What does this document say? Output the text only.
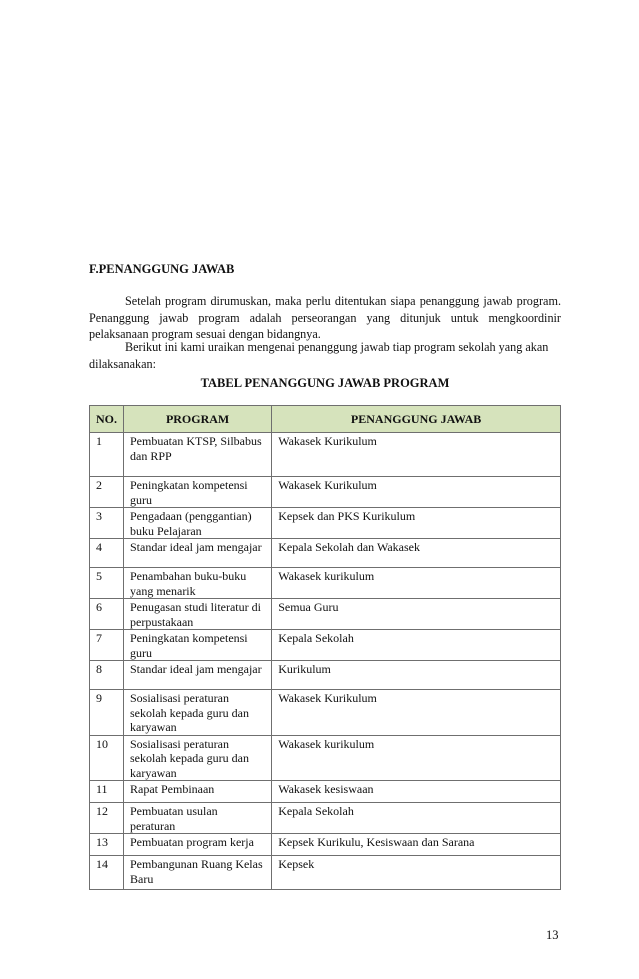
F.PENANGGUNG JAWAB

Setelah program dirumuskan, maka perlu ditentukan siapa penanggung jawab program. Penanggung jawab program adalah perseorangan yang ditunjuk untuk mengkoordinir pelaksanaan program sesuai dengan bidangnya.

Berikut ini kami uraikan mengenai penanggung jawab tiap program sekolah yang akan dilaksanakan:

TABEL PENANGGUNG JAWAB PROGRAM
NO.	PROGRAM	PENANGGUNG JAWAB
1	Pembuatan KTSP, Silbabus dan RPP	Wakasek Kurikulum
2	Peningkatan kompetensi guru	Wakasek Kurikulum
3	Pengadaan (penggantian) buku Pelajaran	Kepsek dan PKS Kurikulum
4	Standar ideal jam mengajar	Kepala Sekolah dan Wakasek
5	Penambahan buku-buku yang menarik	Wakasek kurikulum
6	Penugasan studi literatur di perpustakaan	Semua Guru
7	Peningkatan kompetensi guru	Kepala Sekolah
8	Standar ideal jam mengajar	Kurikulum
9	Sosialisasi peraturan sekolah kepada guru dan karyawan	Wakasek Kurikulum
10	Sosialisasi peraturan sekolah kepada guru dan karyawan	Wakasek kurikulum
11	Rapat Pembinaan	Wakasek kesiswaan
12	Pembuatan usulan peraturan	Kepala Sekolah
13	Pembuatan program kerja	Kepsek Kurikulu, Kesiswaan dan Sarana
14	Pembangunan Ruang Kelas Baru	Kepsek
13
